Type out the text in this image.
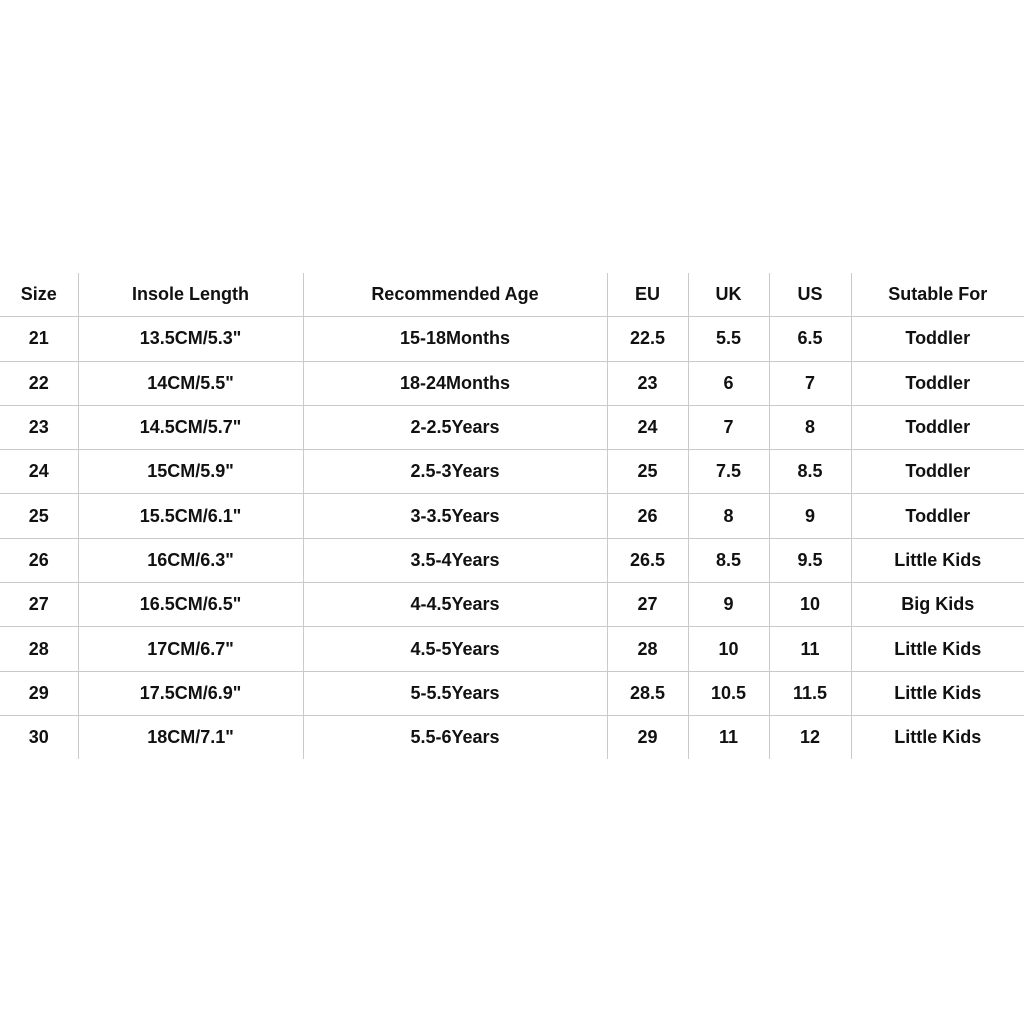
Size	Insole Length	Recommended Age	EU	UK	US	Sutable For
21	13.5CM/5.3"	15-18Months	22.5	5.5	6.5	Toddler
22	14CM/5.5"	18-24Months	23	6	7	Toddler
23	14.5CM/5.7"	2-2.5Years	24	7	8	Toddler
24	15CM/5.9"	2.5-3Years	25	7.5	8.5	Toddler
25	15.5CM/6.1"	3-3.5Years	26	8	9	Toddler
26	16CM/6.3"	3.5-4Years	26.5	8.5	9.5	Little Kids
27	16.5CM/6.5"	4-4.5Years	27	9	10	Big Kids
28	17CM/6.7"	4.5-5Years	28	10	11	Little Kids
29	17.5CM/6.9"	5-5.5Years	28.5	10.5	11.5	Little Kids
30	18CM/7.1"	5.5-6Years	29	11	12	Little Kids
